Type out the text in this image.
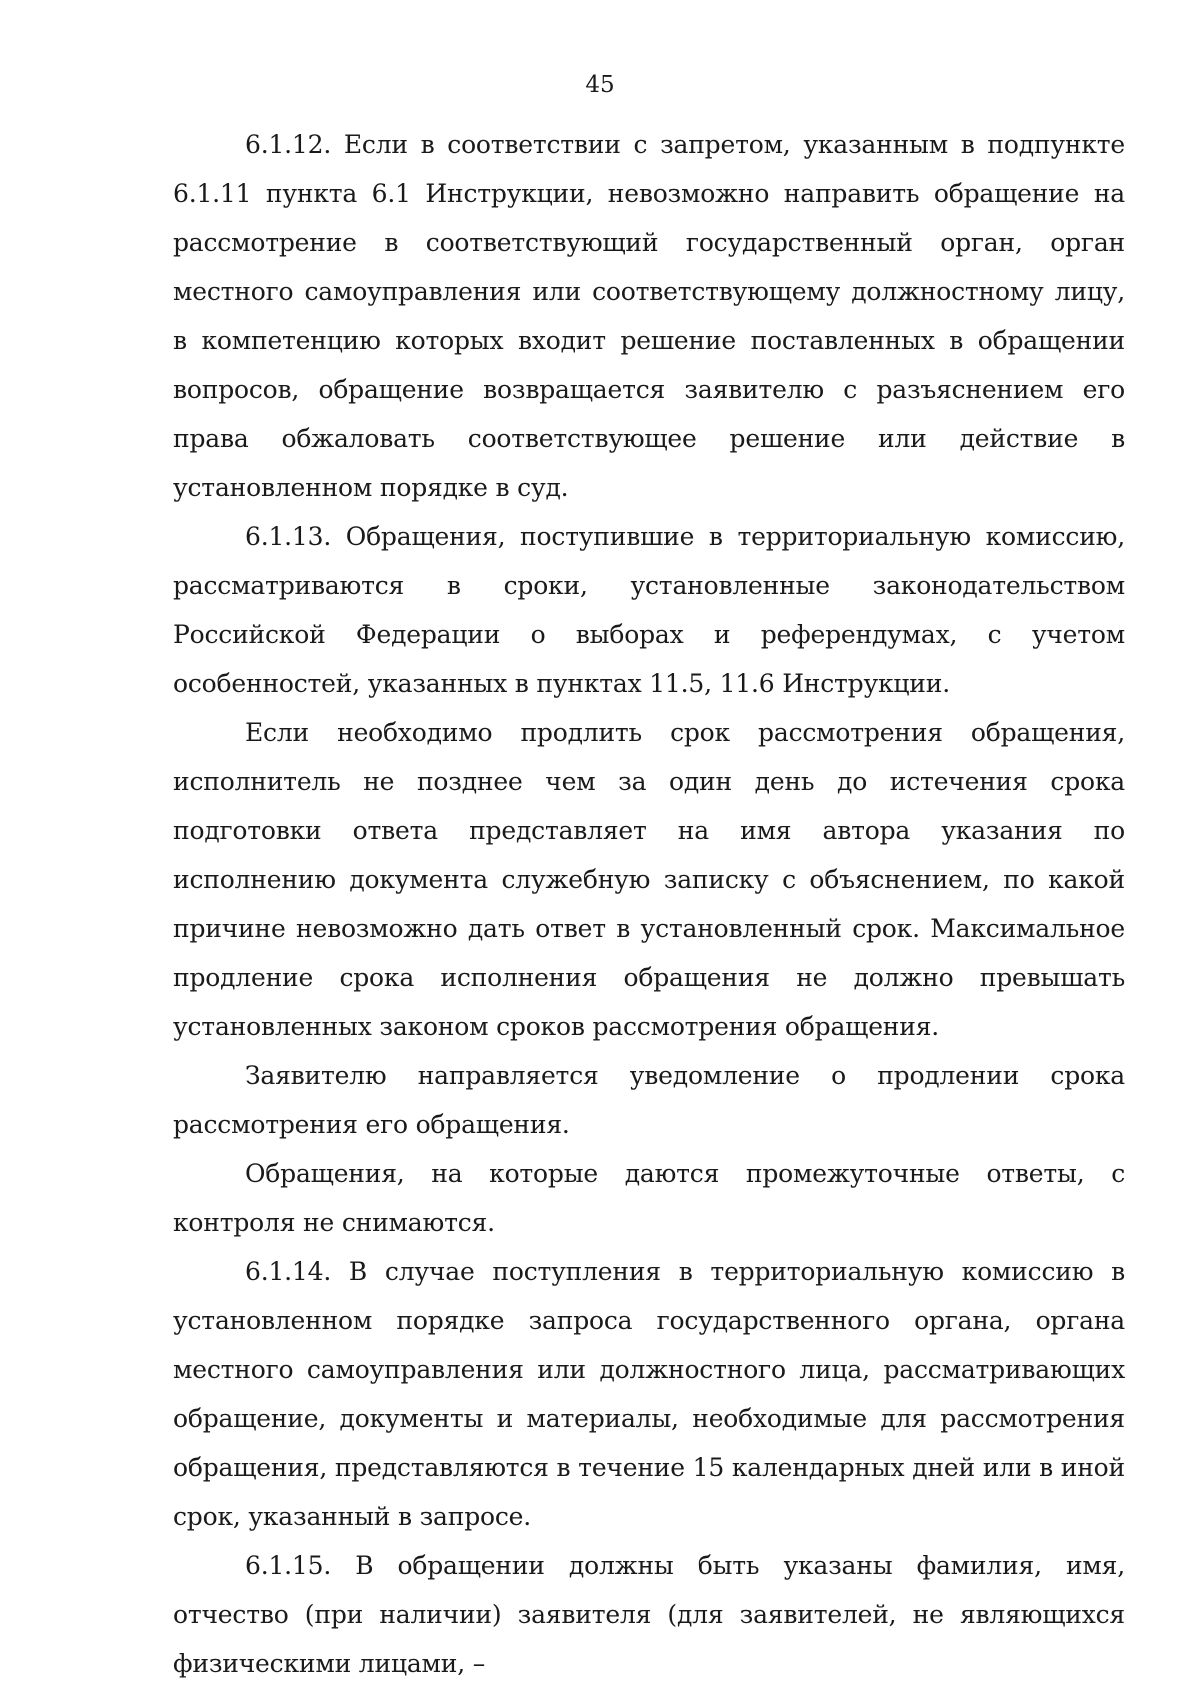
45

6.1.12. Если в соответствии с запретом, указанным в подпункте 6.1.11 пункта 6.1 Инструкции, невозможно направить обращение на рассмотрение в соответствующий государственный орган, орган местного самоуправления или соответствующему должностному лицу, в компетенцию которых входит решение поставленных в обращении вопросов, обращение возвращается заявителю с разъяснением его права обжаловать соответствующее решение или действие в установленном порядке в суд.

6.1.13. Обращения, поступившие в территориальную комиссию, рассматриваются в сроки, установленные законодательством Российской Федерации о выборах и референдумах, с учетом особенностей, указанных в пунктах 11.5, 11.6 Инструкции.

Если необходимо продлить срок рассмотрения обращения, исполнитель не позднее чем за один день до истечения срока подготовки ответа представляет на имя автора указания по исполнению документа служебную записку с объяснением, по какой причине невозможно дать ответ в установленный срок. Максимальное продление срока исполнения обращения не должно превышать установленных законом сроков рассмотрения обращения.

Заявителю направляется уведомление о продлении срока рассмотрения его обращения.

Обращения, на которые даются промежуточные ответы, с контроля не снимаются.

6.1.14. В случае поступления в территориальную комиссию в установленном порядке запроса государственного органа, органа местного самоуправления или должностного лица, рассматривающих обращение, документы и материалы, необходимые для рассмотрения обращения, представляются в течение 15 календарных дней или в иной срок, указанный в запросе.

6.1.15. В обращении должны быть указаны фамилия, имя, отчество (при наличии) заявителя (для заявителей, не являющихся физическими лицами, –
